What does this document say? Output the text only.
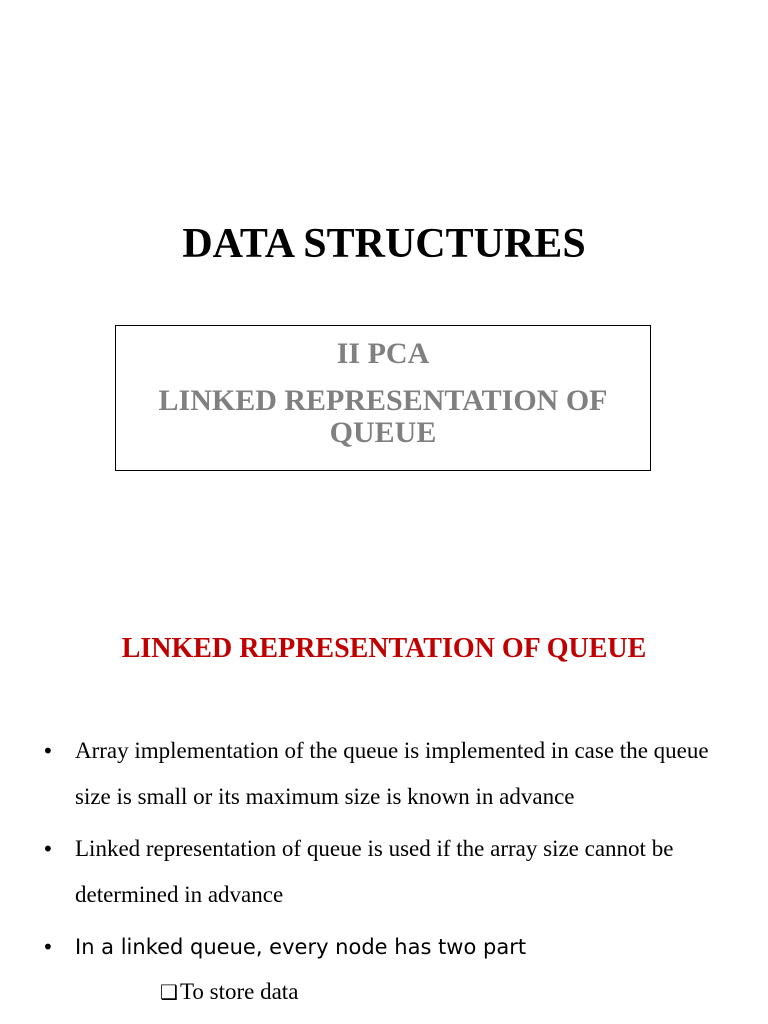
DATA STRUCTURES
II PCA
LINKED REPRESENTATION OF QUEUE
LINKED REPRESENTATION OF QUEUE
• Array implementation of the queue is implemented in case the queue size is small or its maximum size is known in advance
• Linked representation of queue is used if the array size cannot be determined in advance
• In a linked queue, every node has two part
❑To store data
